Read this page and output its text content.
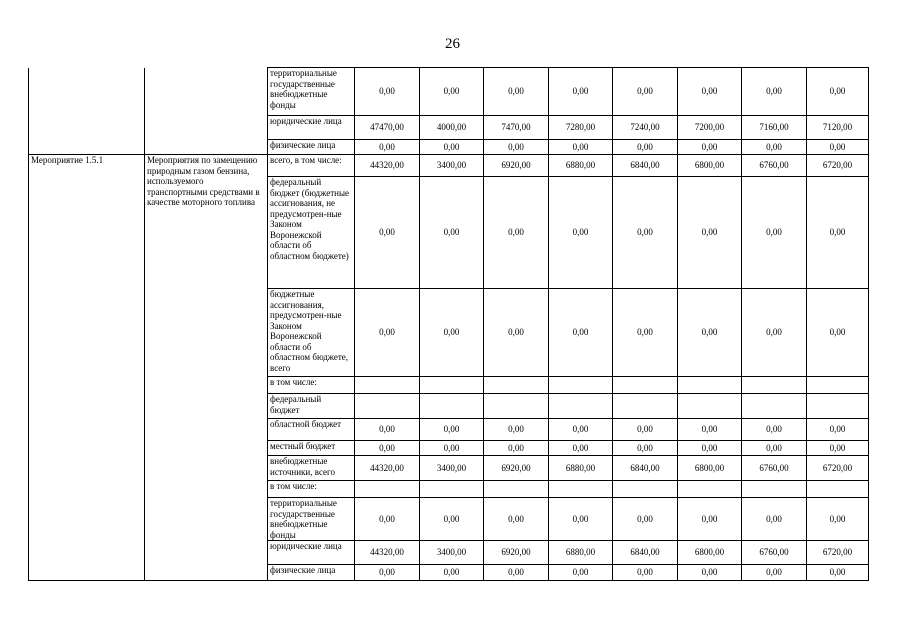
26
		территориальные государственные внебюджетные фонды	0,00	0,00	0,00	0,00	0,00	0,00	0,00	0,00
		юридические лица	47470,00	4000,00	7470,00	7280,00	7240,00	7200,00	7160,00	7120,00
		физические лица	0,00	0,00	0,00	0,00	0,00	0,00	0,00	0,00
Мероприятие 1.5.1	Мероприятия по замещению природным газом бензина, используемого транспортными средствами в качестве моторного топлива	всего, в том числе:	44320,00	3400,00	6920,00	6880,00	6840,00	6800,00	6760,00	6720,00
		федеральный бюджет (бюджетные ассигнования, не предусмотрен-ные Законом Воронежской области об областном бюджете)	0,00	0,00	0,00	0,00	0,00	0,00	0,00	0,00
		бюджетные ассигнования, предусмотрен-ные Законом Воронежской области об областном бюджете, всего	0,00	0,00	0,00	0,00	0,00	0,00	0,00	0,00
		в том числе:								
		федеральный бюджет								
		областной бюджет	0,00	0,00	0,00	0,00	0,00	0,00	0,00	0,00
		местный бюджет	0,00	0,00	0,00	0,00	0,00	0,00	0,00	0,00
		внебюджетные источники, всего	44320,00	3400,00	6920,00	6880,00	6840,00	6800,00	6760,00	6720,00
		в том числе:								
		территориальные государственные внебюджетные фонды	0,00	0,00	0,00	0,00	0,00	0,00	0,00	0,00
		юридические лица	44320,00	3400,00	6920,00	6880,00	6840,00	6800,00	6760,00	6720,00
		физические лица	0,00	0,00	0,00	0,00	0,00	0,00	0,00	0,00
